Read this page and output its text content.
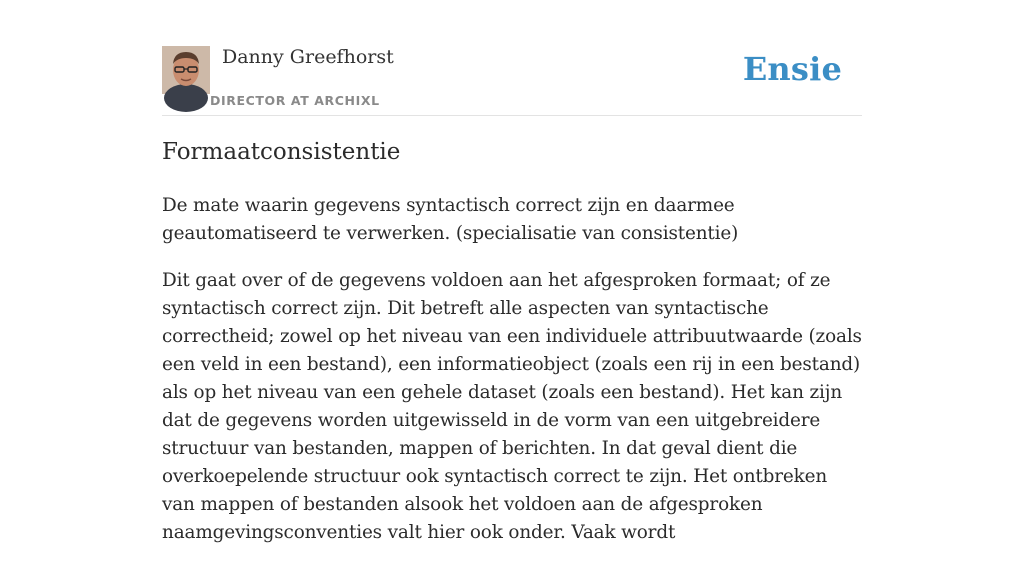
Danny Greefhorst
DIRECTOR AT ARCHIXL
Ensie
Formaatconsistentie

De mate waarin gegevens syntactisch correct zijn en daarmee geautomatiseerd te verwerken. (specialisatie van consistentie)

Dit gaat over of de gegevens voldoen aan het afgesproken formaat; of ze syntactisch correct zijn. Dit betreft alle aspecten van syntactische correctheid; zowel op het niveau van een individuele attribuutwaarde (zoals een veld in een bestand), een informatieobject (zoals een rij in een bestand) als op het niveau van een gehele dataset (zoals een bestand). Het kan zijn dat de gegevens worden uitgewisseld in de vorm van een uitgebreidere structuur van bestanden, mappen of berichten. In dat geval dient die overkoepelende structuur ook syntactisch correct te zijn. Het ontbreken van mappen of bestanden alsook het voldoen aan de afgesproken naamgevingsconventies valt hier ook onder. Vaak wordt
